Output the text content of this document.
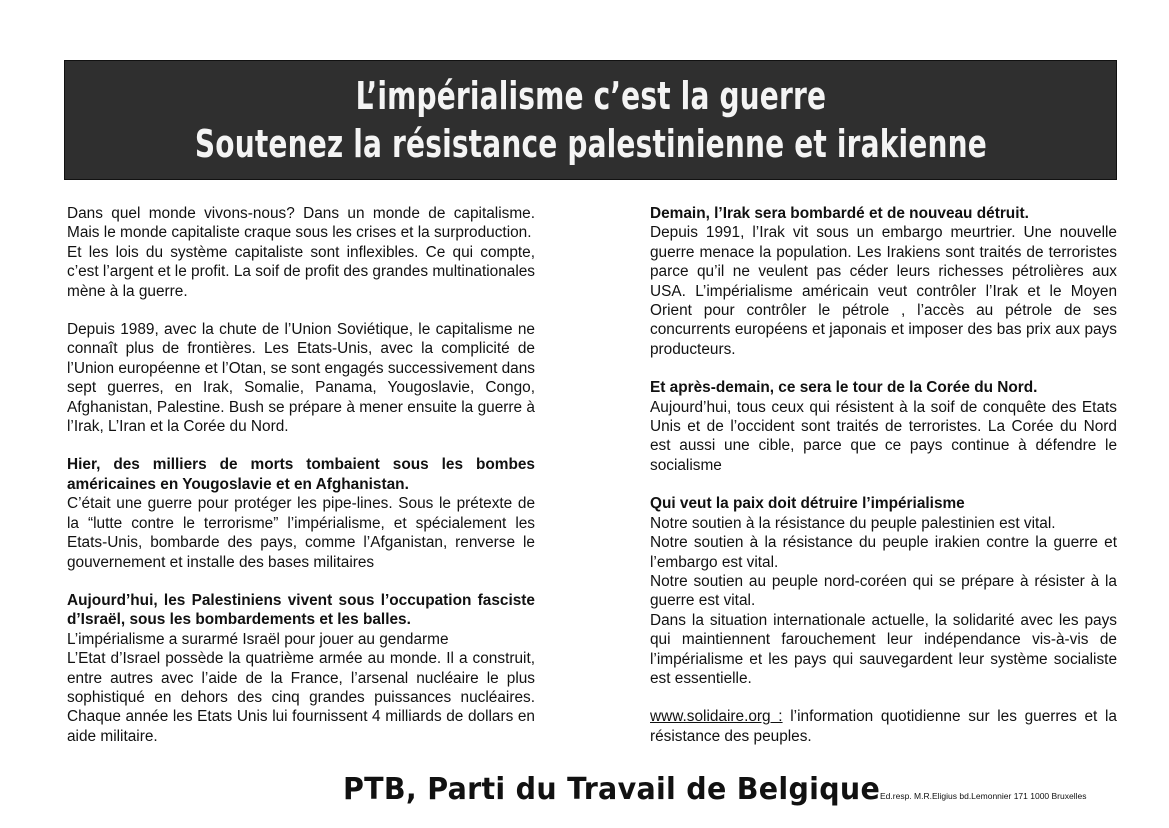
L’impérialisme c’est la guerre
Soutenez la résistance palestinienne et irakienne

Dans quel monde vivons-nous? Dans un monde de capitalisme. Mais le monde capitaliste craque sous les crises et la surproduction.

Et les lois du système capitaliste sont inflexibles. Ce qui compte, c’est l’argent et le profit. La soif de profit des grandes multinationales mène à la guerre.

Depuis 1989, avec la chute de l’Union Soviétique, le capitalisme ne connaît plus de frontières. Les Etats-Unis, avec la complicité de l’Union européenne et l’Otan, se sont engagés successivement dans sept guerres, en Irak, Somalie, Panama, Yougoslavie, Congo, Afghanistan, Palestine. Bush se prépare à mener ensuite la guerre à l’Irak, L’Iran et la Corée du Nord.

Hier, des milliers de morts tombaient sous les bombes américaines en Yougoslavie et en Afghanistan.

C’était une guerre pour protéger les pipe-lines. Sous le prétexte de la “lutte contre le terrorisme” l’impérialisme, et spécialement les Etats-Unis, bombarde des pays, comme l’Afganistan, renverse le gouvernement et installe des bases militaires

Aujourd’hui, les Palestiniens vivent sous l’occupation fasciste d’Israël, sous les bombardements et les balles.

L’impérialisme a surarmé Israël pour jouer au gendarme

L’Etat d’Israel possède la quatrième armée au monde. Il a construit, entre autres avec l’aide de la France, l’arsenal nucléaire le plus sophistiqué en dehors des cinq grandes puissances nucléaires. Chaque année les Etats Unis lui fournissent 4 milliards de dollars en aide militaire.

Demain, l’Irak sera bombardé et de nouveau détruit.

Depuis 1991, l’Irak vit sous un embargo meurtrier. Une nouvelle guerre menace la population. Les Irakiens sont traités de terroristes parce qu’il ne veulent pas céder leurs richesses pétrolières aux USA. L’impérialisme américain veut contrôler l’Irak et le Moyen Orient pour contrôler le pétrole , l’accès au pétrole de ses concurrents européens et japonais et imposer des bas prix aux pays producteurs.

Et après-demain, ce sera le tour de la Corée du Nord.

Aujourd’hui, tous ceux qui résistent à la soif de conquête des Etats Unis et de l’occident sont traités de terroristes. La Corée du Nord est aussi une cible, parce que ce pays continue à défendre le socialisme

Qui veut la paix doit détruire l’impérialisme

Notre soutien à la résistance du peuple palestinien est vital.

Notre soutien à la résistance du peuple irakien contre la guerre et l’embargo est vital.

Notre soutien au peuple nord-coréen qui se prépare à résister à la guerre est vital.

Dans la situation internationale actuelle, la solidarité avec les pays qui maintiennent farouchement leur indépendance vis-à-vis de l’impérialisme et les pays qui sauvegardent leur système socialiste est essentielle.

www.solidaire.org : l’information quotidienne sur les guerres et la résistance des peuples.

PTB, Parti du Travail de Belgique Ed.resp. M.R.Eligius bd.Lemonnier 171 1000 Bruxelles
